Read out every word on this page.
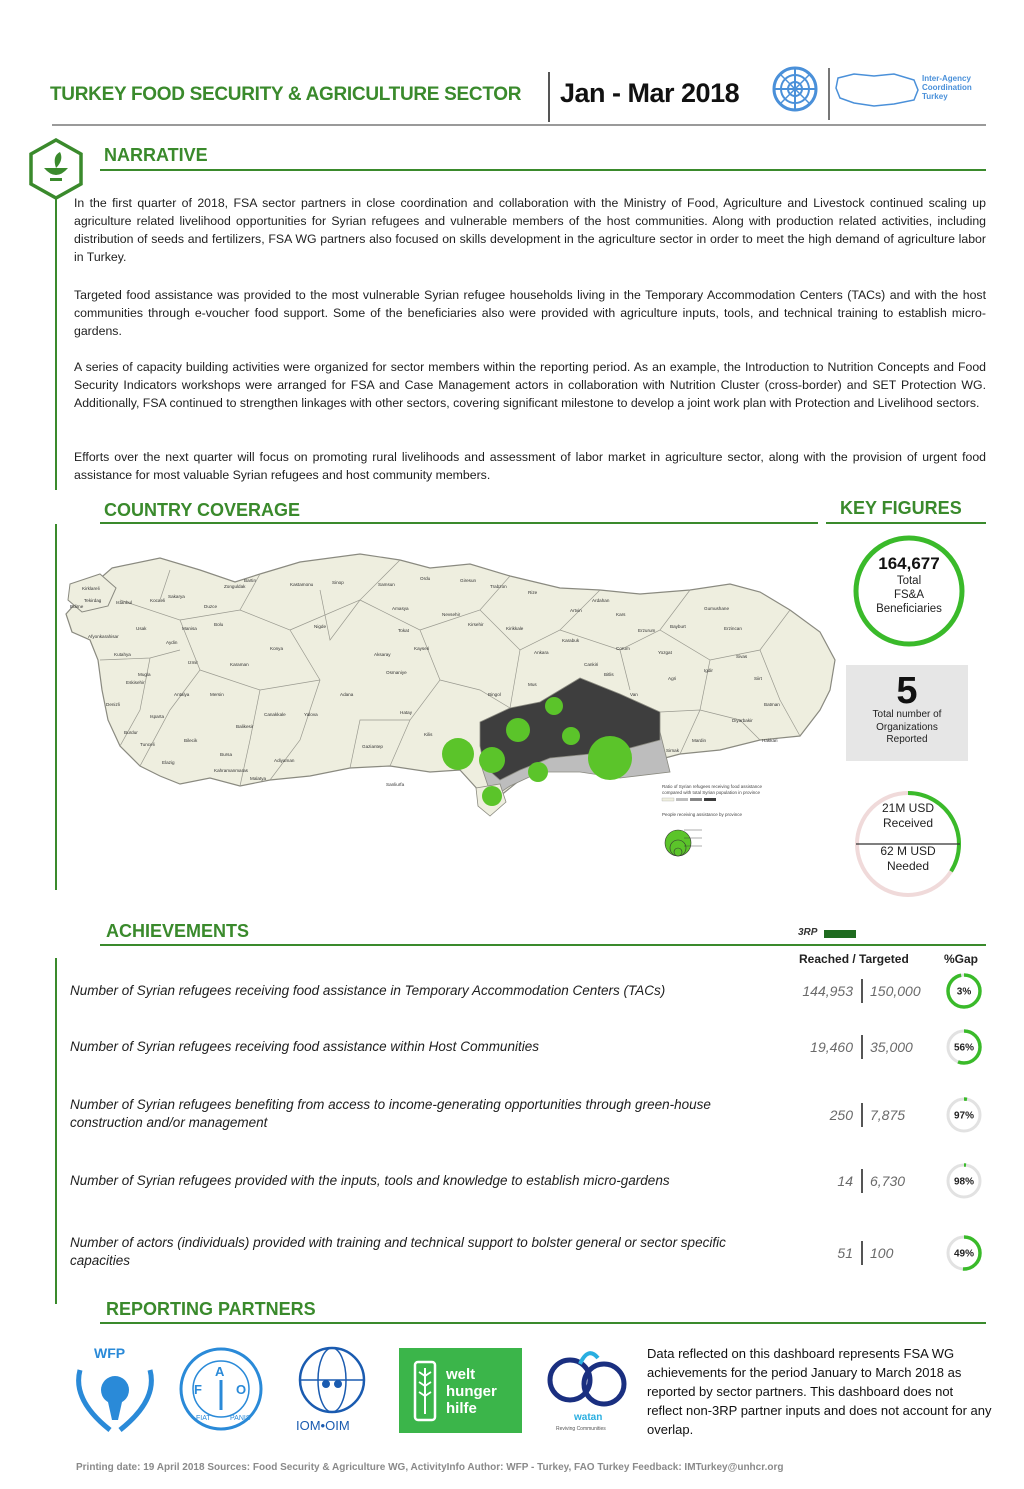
TURKEY FOOD SECURITY & AGRICULTURE SECTOR Jan - Mar 2018	Inter-Agency
Coordination
Turkey
NARRATIVE
In the first quarter of 2018, FSA sector partners in close coordination and collaboration with the Ministry of Food, Agriculture and Livestock continued scaling up agriculture related livelihood opportunities for Syrian refugees and vulnerable members of the host communities. Along with production related activities, including distribution of seeds and fertilizers, FSA WG partners also focused on skills development in the agriculture sector in order to meet the high demand of agriculture labor in Turkey.
Targeted food assistance was provided to the most vulnerable Syrian refugee households living in the Temporary Accommodation Centers (TACs) and with the host communities through e-voucher food support. Some of the beneficiaries also were provided with agriculture inputs, tools, and technical training to establish micro-gardens.
A series of capacity building activities were organized for sector members within the reporting period. As an example, the Introduction to Nutrition Concepts and Food Security Indicators workshops were arranged for FSA and Case Management actors in collaboration with Nutrition Cluster (cross-border) and SET Protection WG. Additionally, FSA continued to strengthen linkages with other sectors, covering significant milestone to develop a joint work plan with Protection and Livelihood sectors.
Efforts over the next quarter will focus on promoting rural livelihoods and assessment of labor market in agriculture sector, along with the provision of urgent food assistance for most valuable Syrian refugees and host community members.
COUNTRY COVERAGE
Ratio of Syrian refugees receiving food assistance
compared with total Syrian population in province
People receiving assistance by province
Kirklareli
Edirne
Tekirdag	Istanbul	Kocaeli
Sakarya
Duzce
Bolu
Zonguldak
Bartin
Kastamonu	Sinop	Samsun
Amasya
Tokat
Ordu	Giresun
Trabzon
Rize
Artvin
Ardahan
Kars
Erzurum
Bayburt
Gumushane
Erzincan
Sivas
Yozgat
Corum
Cankiri
Karabuk
Ankara
Kirikkale
Kirsehir
Nevsehir
Kayseri
Aksaray
Nigde
Konya
Karaman
Mersin
Antalya
Isparta
Burdur
Denizli
Mugla
Aydin
Izmir
Manisa
Usak
Afyonkarahisar
Kutahya
Eskisehir
Bilecik
Bursa
Balikesir
Canakkale	Yalova
Adana
Osmaniye
Hatay
Kilis
Gaziantep
Sanliurfa
Adiyaman
Malatya
Kahramanmaras
Elazig
Tunceli
Bingol
Mus
Bitlis
Van
Agri
Igdir
Siirt
Batman
Diyarbakir
Mardin
Sirnak
Hakkari
KEY FIGURES
164,677
Total
FS&A
Beneficiaries
5
Total number of
Organizations
Reported
21M USD
Received
62 M USD
Needed
ACHIEVEMENTS	3RP
Reached / Targeted	%Gap
Number of Syrian refugees receiving food assistance in Temporary Accommodation Centers (TACs)	144,953 150,000	3%
Number of Syrian refugees receiving food assistance within Host Communities	19,460 35,000	56%
Number of Syrian refugees benefiting from access to income-generating opportunities through green-house
construction and/or management	250 7,875	97%
Number of Syrian refugees provided with the inputs, tools and knowledge to establish micro-gardens	14 6,730	98%
Number of actors (individuals) provided with training and technical support to bolster general or sector specific
capacities	51 100	49%
REPORTING PARTNERS
WFP
F
A
O
FIAT	PANIS	IOM•OIM
welt
hunger
hilfe
watan
Reviving Communities
Data reflected on this dashboard represents FSA WG achievements for the period January to March 2018 as reported by sector partners. This dashboard does not reflect non-3RP partner inputs and does not account for any overlap.
Printing date: 19 April 2018 Sources: Food Security & Agriculture WG, ActivityInfo Author: WFP - Turkey, FAO Turkey Feedback: IMTurkey@unhcr.org
